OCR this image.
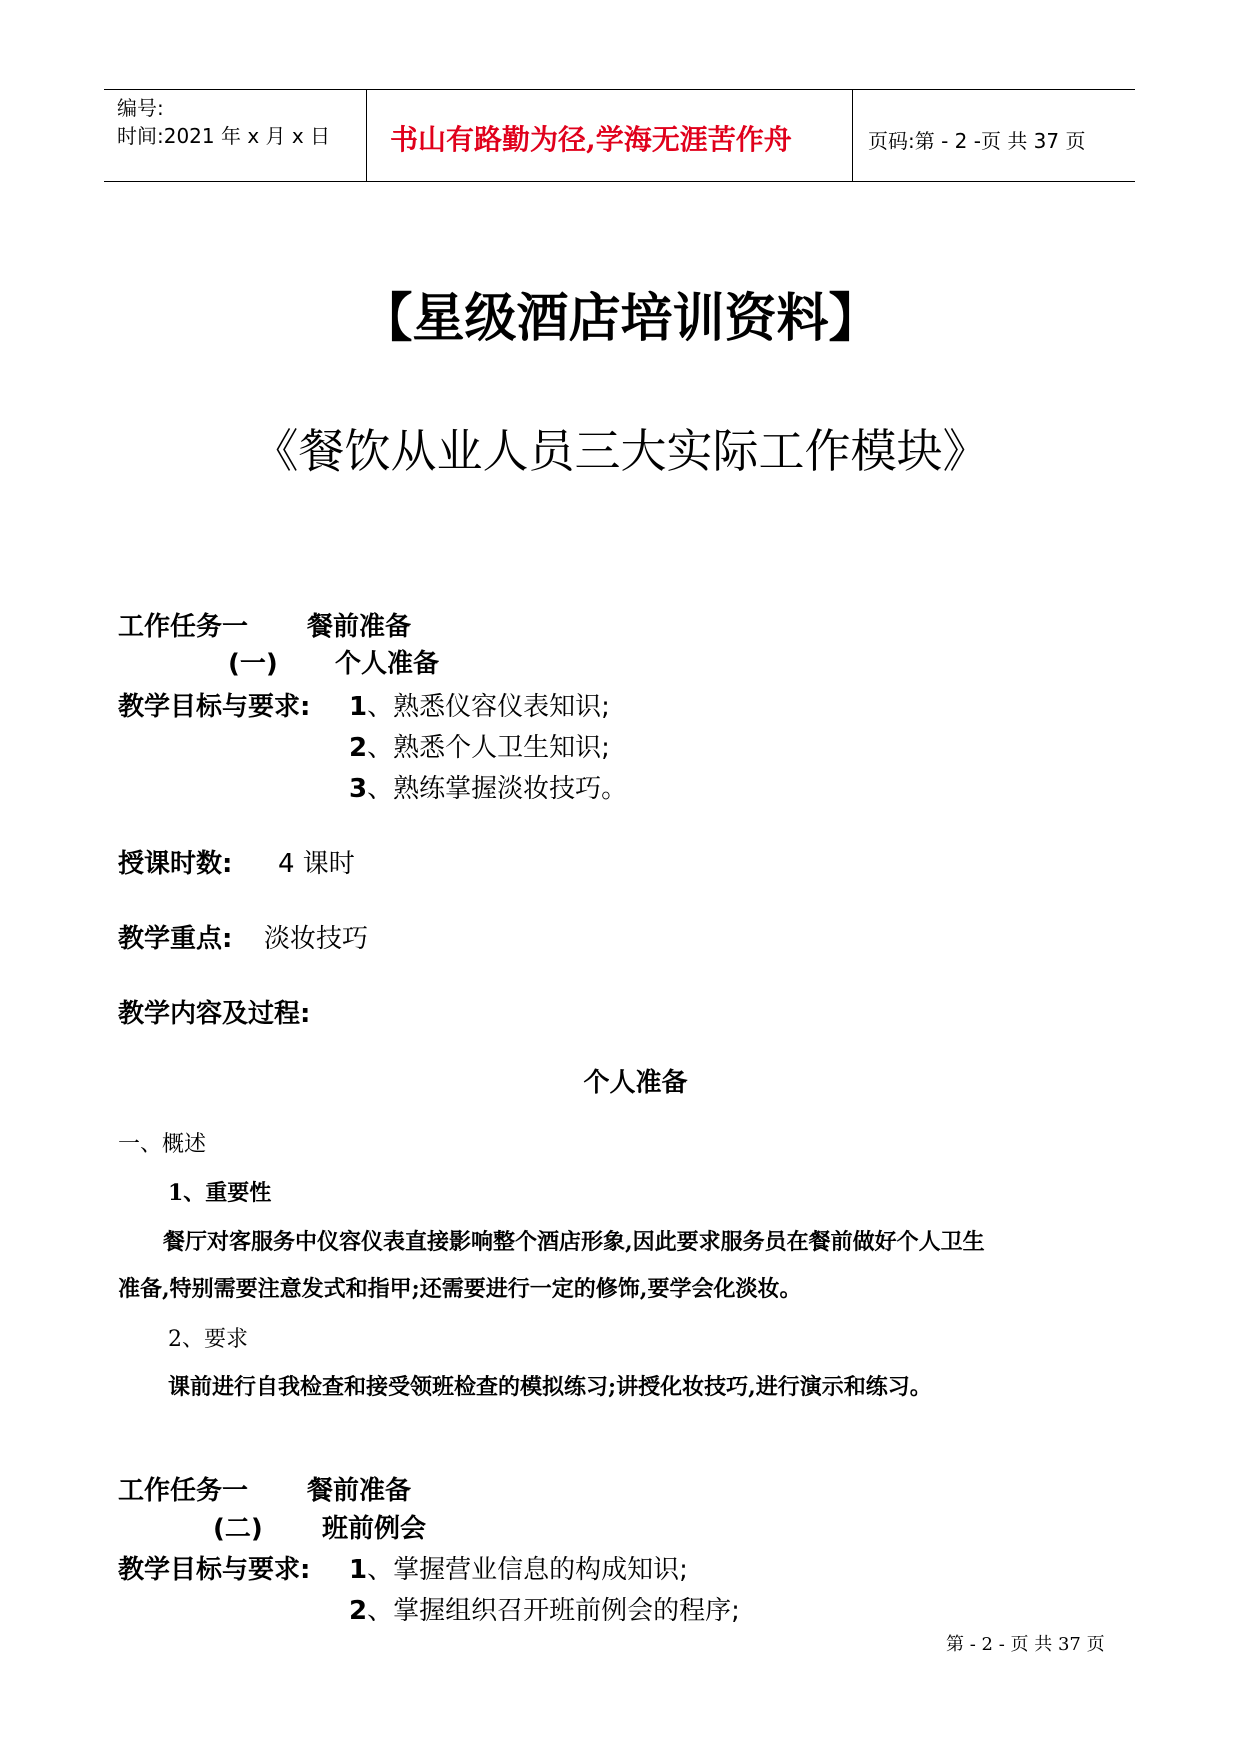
编号:
时间:2021 年 x 月 x 日 书山有路勤为径,学海无涯苦作舟	页码:第 - 2 -页 共 37 页
【星级酒店培训资料】
《餐饮从业人员三大实际工作模块》
工作任务一 餐前准备
(一) 个人准备
教学目标与要求: 1、熟悉仪容仪表知识;
2、熟悉个人卫生知识;
3、熟练掌握淡妆技巧。
授课时数: 4 课时
教学重点: 淡妆技巧
教学内容及过程:
个人准备
一、概述
1、重要性
餐厅对客服务中仪容仪表直接影响整个酒店形象,因此要求服务员在餐前做好个人卫生
准备,特别需要注意发式和指甲;还需要进行一定的修饰,要学会化淡妆。
2、要求
课前进行自我检查和接受领班检查的模拟练习;讲授化妆技巧,进行演示和练习。
工作任务一 餐前准备
(二) 班前例会
教学目标与要求: 1、掌握营业信息的构成知识;
2、掌握组织召开班前例会的程序;
第 - 2 - 页 共 37 页
